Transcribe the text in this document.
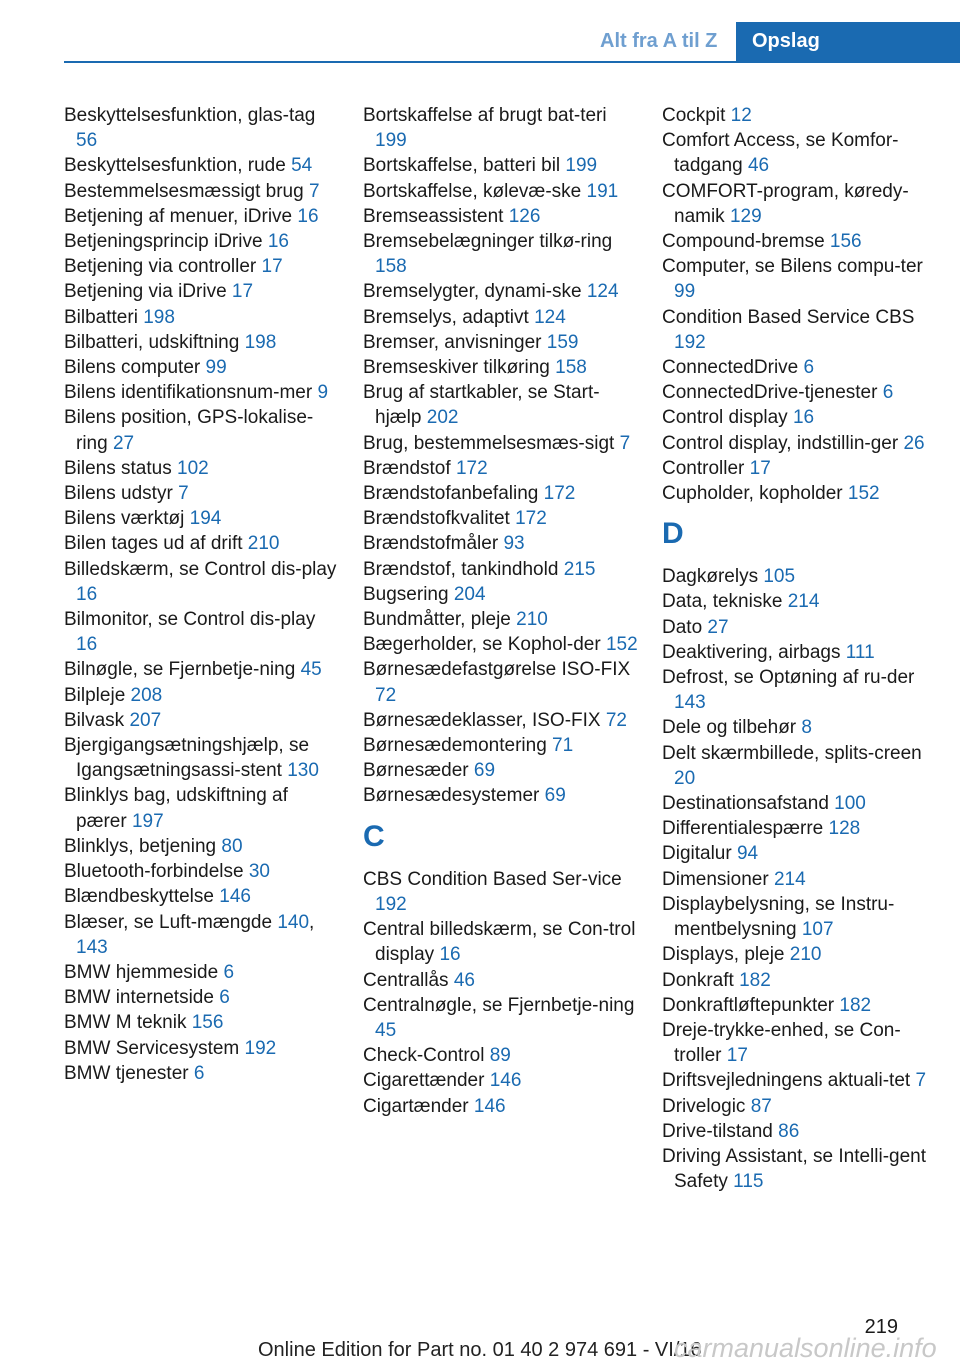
Alt fra A til Z Opslag
Beskyttelsesfunktion, glas‐tag 56
Beskyttelsesfunktion, rude 54
Bestemmelsesmæssigt brug 7
Betjening af menuer, iDrive 16
Betjeningsprincip iDrive 16
Betjening via controller 17
Betjening via iDrive 17
Bilbatteri 198
Bilbatteri, udskiftning 198
Bilens computer 99
Bilens identifikationsnum‐mer 9
Bilens position, GPS-lokalise‐ring 27
Bilens status 102
Bilens udstyr 7
Bilens værktøj 194
Bilen tages ud af drift 210
Billedskærm, se Control dis‐play 16
Bilmonitor, se Control dis‐play 16
Bilnøgle, se Fjernbetje‐ning 45
Bilpleje 208
Bilvask 207
Bjergigangsætningshjælp, se Igangsætningsassi‐stent 130
Blinklys bag, udskiftning af pærer 197
Blinklys, betjening 80
Bluetooth-forbindelse 30
Blændbeskyttelse 146
Blæser, se Luft‐mængde 140, 143
BMW hjemmeside 6
BMW internetside 6
BMW M teknik 156
BMW Servicesystem 192
BMW tjenester 6
Bortskaffelse af brugt bat‐teri 199
Bortskaffelse, batteri bil 199
Bortskaffelse, kølevæ‐ske 191
Bremseassistent 126
Bremsebelægninger tilkø‐ring 158
Bremselygter, dynami‐ske 124
Bremselys, adaptivt 124
Bremser, anvisninger 159
Bremseskiver tilkøring 158
Brug af startkabler, se Start‐hjælp 202
Brug, bestemmelsesmæs‐sigt 7
Brændstof 172
Brændstofanbefaling 172
Brændstofkvalitet 172
Brændstofmåler 93
Brændstof, tankindhold 215
Bugsering 204
Bundmåtter, pleje 210
Bægerholder, se Kophol‐der 152
Børnesædefastgørelse ISO‐FIX 72
Børnesædeklasser, ISO‐FIX 72
Børnesædemontering 71
Børnesæder 69
Børnesædesystemer 69
C
CBS Condition Based Ser‐vice 192
Central billedskærm, se Con‐trol display 16
Centrallås 46
Centralnøgle, se Fjernbetje‐ning 45
Check-Control 89
Cigarettænder 146
Cigartænder 146
Cockpit 12
Comfort Access, se Komfor‐tadgang 46
COMFORT-program, køredy‐namik 129
Compound-bremse 156
Computer, se Bilens compu‐ter 99
Condition Based Service CBS 192
ConnectedDrive 6
ConnectedDrive-tjenester 6
Control display 16
Control display, indstillin‐ger 26
Controller 17
Cupholder, kopholder 152
D
Dagkørelys 105
Data, tekniske 214
Dato 27
Deaktivering, airbags 111
Defrost, se Optøning af ru‐der 143
Dele og tilbehør 8
Delt skærmbillede, splits‐creen 20
Destinationsafstand 100
Differentialespærre 128
Digitalur 94
Dimensioner 214
Displaybelysning, se Instru‐mentbelysning 107
Displays, pleje 210
Donkraft 182
Donkraftløftepunkter 182
Dreje-trykke-enhed, se Con‐troller 17
Driftsvejledningens aktuali‐tet 7
Drivelogic 87
Drive-tilstand 86
Driving Assistant, se Intelli‐gent Safety 115
219
Online Edition for Part no. 01 40 2 974 691 - VI/16
carmanualsonline.info
